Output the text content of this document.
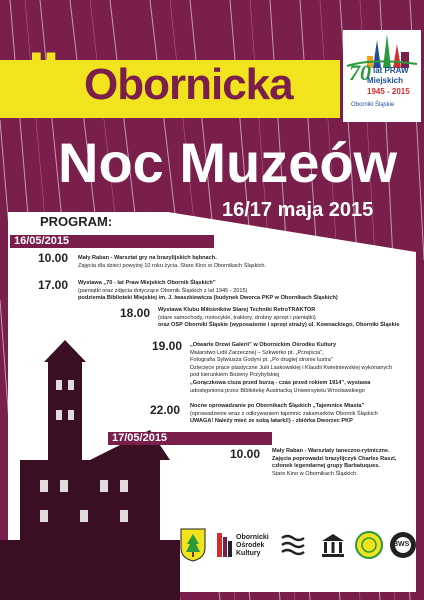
II Obornicka
Noc Muzeów
16/17 maja 2015
70 lat PRAW
Miejskich
1945 - 2015
Oborniki Śląskie
PROGRAM:
16/05/2015
17/05/2015
10.00 Mały Raban - Warsztat gry na brazylijskich bębnach.
Zajęcia dla dzieci powyżej 10 roku życia. Stare Kino w Obornikach Śląskich.
17.00 Wystawa „70 - lat Praw Miejskich Obornik Śląskich”
(pamiątki oraz zdjęcia dotyczące Obornik Śląskich z lat 1945 - 2015)
podziemia Biblioteki Miejskiej im. J. Iwaszkiewicza (budynek Dworca PKP w Obornikach Śląskich)
18.00 Wystawa Klubu Miłośników Starej Techniki RetroTRAKTOR
(stare samochody, motocykle, traktory, drobny sprzęt i pamiątki)
oraz OSP Oborniki Śląskie (wyposażenie i sprzęt straży) ul. Kownackiego, Oborniki Śląskie
19.00 „Otwarte Drzwi Galerii” w Obornickim Ośrodku Kultury
Malarstwo Lidii Zarzecznej – Szkwerko pt. „Przejścia”,
Fotografia Sylwiusza Godyni pt. „Po drugiej stronie lustra”
Dziecięce prace plastyczne Julii Laskowskiej i Klaudii Kwietniewskiej wykonanych
pod kierunkiem Bożeny Przybylskiej
„Gorączkowa cisza przed burzą - czas przed rokiem 1914”, wystawa
udostępniona przez Bibliotekę Austriacką Uniwersytetu Wrocławskiego
22.00 Nocne oprowadzanie po Obornikach Śląskich „Tajemnice Miasta”
(oprowadzenie wraz z odkrywaniem tajemnic zakamarków Obornik Śląskich
UWAGA! Należy mieć ze sobą latarki!) - zbiórka Dworzec PKP
10.00 Mały Raban - Warsztaty taneczno-rytmiczne.
Zajęcia poprowadzi brazylijczyk Charles Raszl,
członek legendarnej grupy Barbatuques.
Stare Kino w Obornikach Śląskich.
Obornicki
Ośrodek
Kultury
BWS
